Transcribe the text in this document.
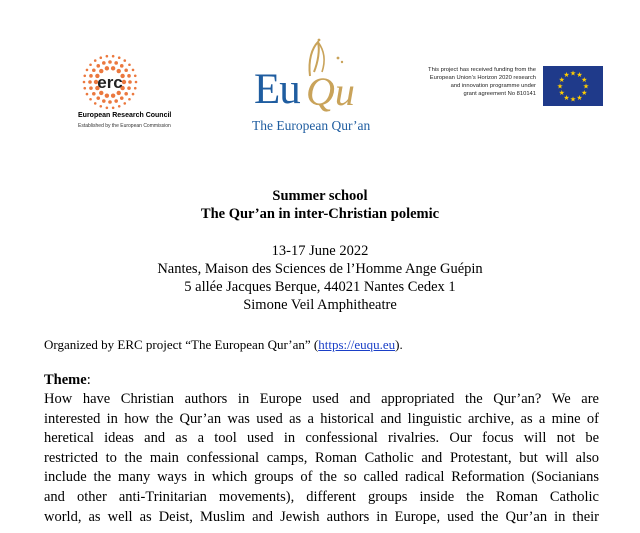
erc
European Research Council
Established by the European Commission
Eu Qu
The European Qur’an
This project has received funding from the
European Union’s Horizon 2020 research
and innovation programme under
grant agreement No 810141
★
★
★
★
★
★
★
★
★ ★ ★
★
Summer school
The Qur’an in inter-Christian polemic
13-17 June 2022
Nantes, Maison des Sciences de l’Homme Ange Guépin
5 allée Jacques Berque, 44021 Nantes Cedex 1
Simone Veil Amphitheatre
Organized by ERC project “The European Qur’an” (https://euqu.eu).
Theme:
How have Christian authors in Europe used and appropriated the Qur’an? We are
interested in how the Qur’an was used as a historical and linguistic archive, as a mine of
heretical ideas and as a tool used in confessional rivalries. Our focus will not be
restricted to the main confessional camps, Roman Catholic and Protestant, but will also
include the many ways in which groups of the so called radical Reformation (Socianians
and other anti-Trinitarian movements), different groups inside the Roman Catholic
world, as well as Deist, Muslim and Jewish authors in Europe, used the Qur’an in their
